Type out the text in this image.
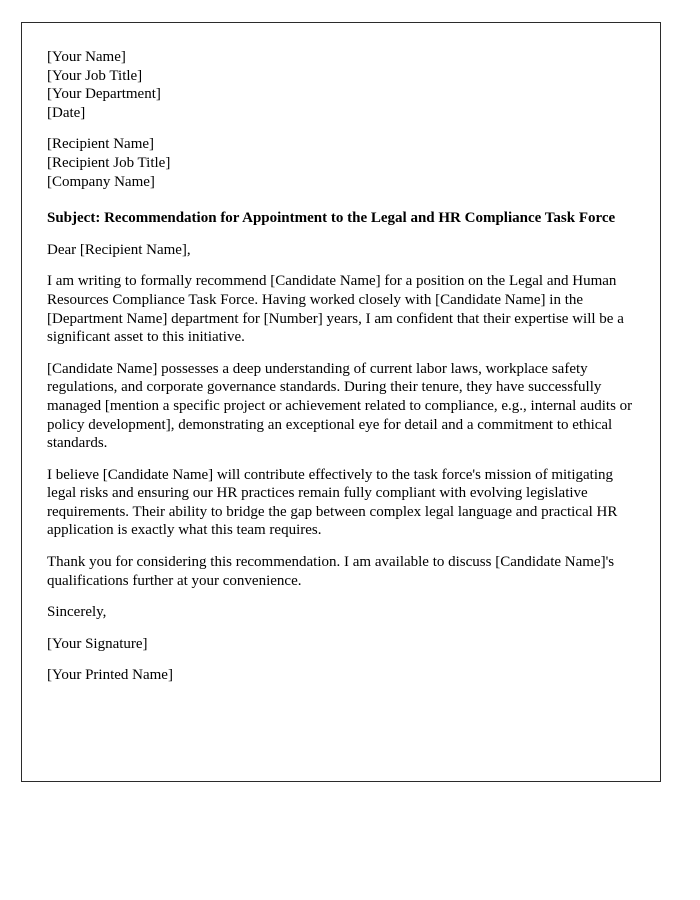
[Your Name]
[Your Job Title]
[Your Department]
[Date]
[Recipient Name]
[Recipient Job Title]
[Company Name]

Subject: Recommendation for Appointment to the Legal and HR Compliance Task Force

Dear [Recipient Name],

I am writing to formally recommend [Candidate Name] for a position on the Legal and Human Resources Compliance Task Force. Having worked closely with [Candidate Name] in the [Department Name] department for [Number] years, I am confident that their expertise will be a significant asset to this initiative.

[Candidate Name] possesses a deep understanding of current labor laws, workplace safety regulations, and corporate governance standards. During their tenure, they have successfully managed [mention a specific project or achievement related to compliance, e.g., internal audits or policy development], demonstrating an exceptional eye for detail and a commitment to ethical standards.

I believe [Candidate Name] will contribute effectively to the task force's mission of mitigating legal risks and ensuring our HR practices remain fully compliant with evolving legislative requirements. Their ability to bridge the gap between complex legal language and practical HR application is exactly what this team requires.

Thank you for considering this recommendation. I am available to discuss [Candidate Name]'s qualifications further at your convenience.

Sincerely,

[Your Signature]

[Your Printed Name]
